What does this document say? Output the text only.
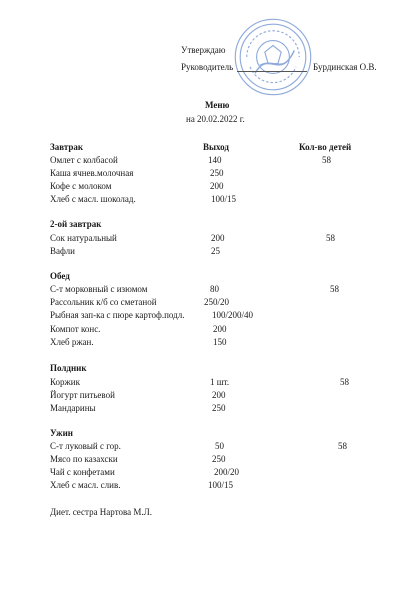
Утверждаю
Руководитель	Бурдинская О.В.
Меню
на 20.02.2022 г.
Завтрак	Выход	Кол-во детей
Омлет с колбасой	140	58
Каша ячнев.молочная	250
Кофе с молоком	200
Хлеб с масл. шоколад.	100/15
2-ой завтрак
Сок натуральный	200	58
Вафли	25
Обед
С-т морковный с изюмом	80	58
Рассольник к/б со сметаной	250/20
Рыбная зап-ка с пюре картоф.подл.	100/200/40
Компот конс.	200
Хлеб ржан.	150
Полдник
Коржик	1 шт.	58
Йогурт питьевой	200
Мандарины	250
Ужин
С-т луковый с гор.	50	58
Мясо по казахски	250
Чай с конфетами	200/20
Хлеб с масл. слив.	100/15
Диет. сестра Нартова М.Л.
